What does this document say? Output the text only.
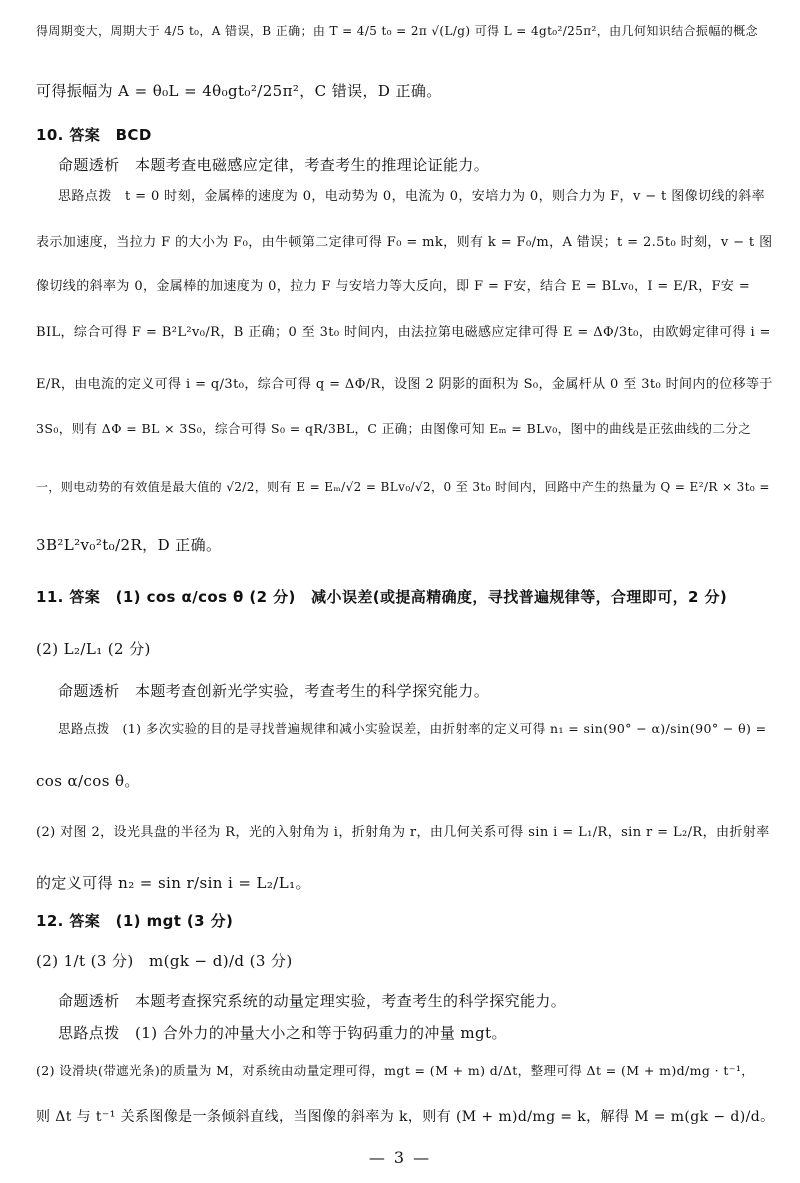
得周期变大，周期大于 4/5 t₀，A 错误，B 正确；由 T = 4/5 t₀ = 2π √(L/g) 可得 L = 4gt₀²/25π²，由几何知识结合振幅的概念
可得振幅为 A = θ₀L = 4θ₀gt₀²/25π²，C 错误，D 正确。
10. 答案　BCD
命题透析　本题考查电磁感应定律，考查考生的推理论证能力。
思路点拨　t = 0 时刻，金属棒的速度为 0，电动势为 0，电流为 0，安培力为 0，则合力为 F，v − t 图像切线的斜率
表示加速度，当拉力 F 的大小为 F₀，由牛顿第二定律可得 F₀ = mk，则有 k = F₀/m，A 错误；t = 2.5t₀ 时刻，v − t 图
像切线的斜率为 0，金属棒的加速度为 0，拉力 F 与安培力等大反向，即 F = F安，结合 E = BLv₀，I = E/R，F安 =
BIL，综合可得 F = B²L²v₀/R，B 正确；0 至 3t₀ 时间内，由法拉第电磁感应定律可得 E = ΔΦ/3t₀，由欧姆定律可得 i =
E/R，由电流的定义可得 i = q/3t₀，综合可得 q = ΔΦ/R，设图 2 阴影的面积为 S₀，金属杆从 0 至 3t₀ 时间内的位移等于
3S₀，则有 ΔΦ = BL × 3S₀，综合可得 S₀ = qR/3BL，C 正确；由图像可知 Eₘ = BLv₀，图中的曲线是正弦曲线的二分之
一，则电动势的有效值是最大值的 √2/2，则有 E = Eₘ/√2 = BLv₀/√2，0 至 3t₀ 时间内，回路中产生的热量为 Q = E²/R × 3t₀ =
3B²L²v₀²t₀/2R，D 正确。
11. 答案　(1) cos α/cos θ (2 分)　减小误差(或提高精确度，寻找普遍规律等，合理即可，2 分)
(2) L₂/L₁ (2 分)
命题透析　本题考查创新光学实验，考查考生的科学探究能力。
思路点拨　(1) 多次实验的目的是寻找普遍规律和减小实验误差，由折射率的定义可得 n₁ = sin(90° − α)/sin(90° − θ) =
cos α/cos θ。
(2) 对图 2，设光具盘的半径为 R，光的入射角为 i，折射角为 r，由几何关系可得 sin i = L₁/R，sin r = L₂/R，由折射率
的定义可得 n₂ = sin r/sin i = L₂/L₁。
12. 答案　(1) mgt (3 分)
(2) 1/t (3 分)　m(gk − d)/d (3 分)
命题透析　本题考查探究系统的动量定理实验，考查考生的科学探究能力。
思路点拨　(1) 合外力的冲量大小之和等于钩码重力的冲量 mgt。
(2) 设滑块(带遮光条)的质量为 M，对系统由动量定理可得，mgt = (M + m) d/Δt，整理可得 Δt = (M + m)d/mg · t⁻¹，
则 Δt 与 t⁻¹ 关系图像是一条倾斜直线，当图像的斜率为 k，则有 (M + m)d/mg = k，解得 M = m(gk − d)/d。
— 3 —
